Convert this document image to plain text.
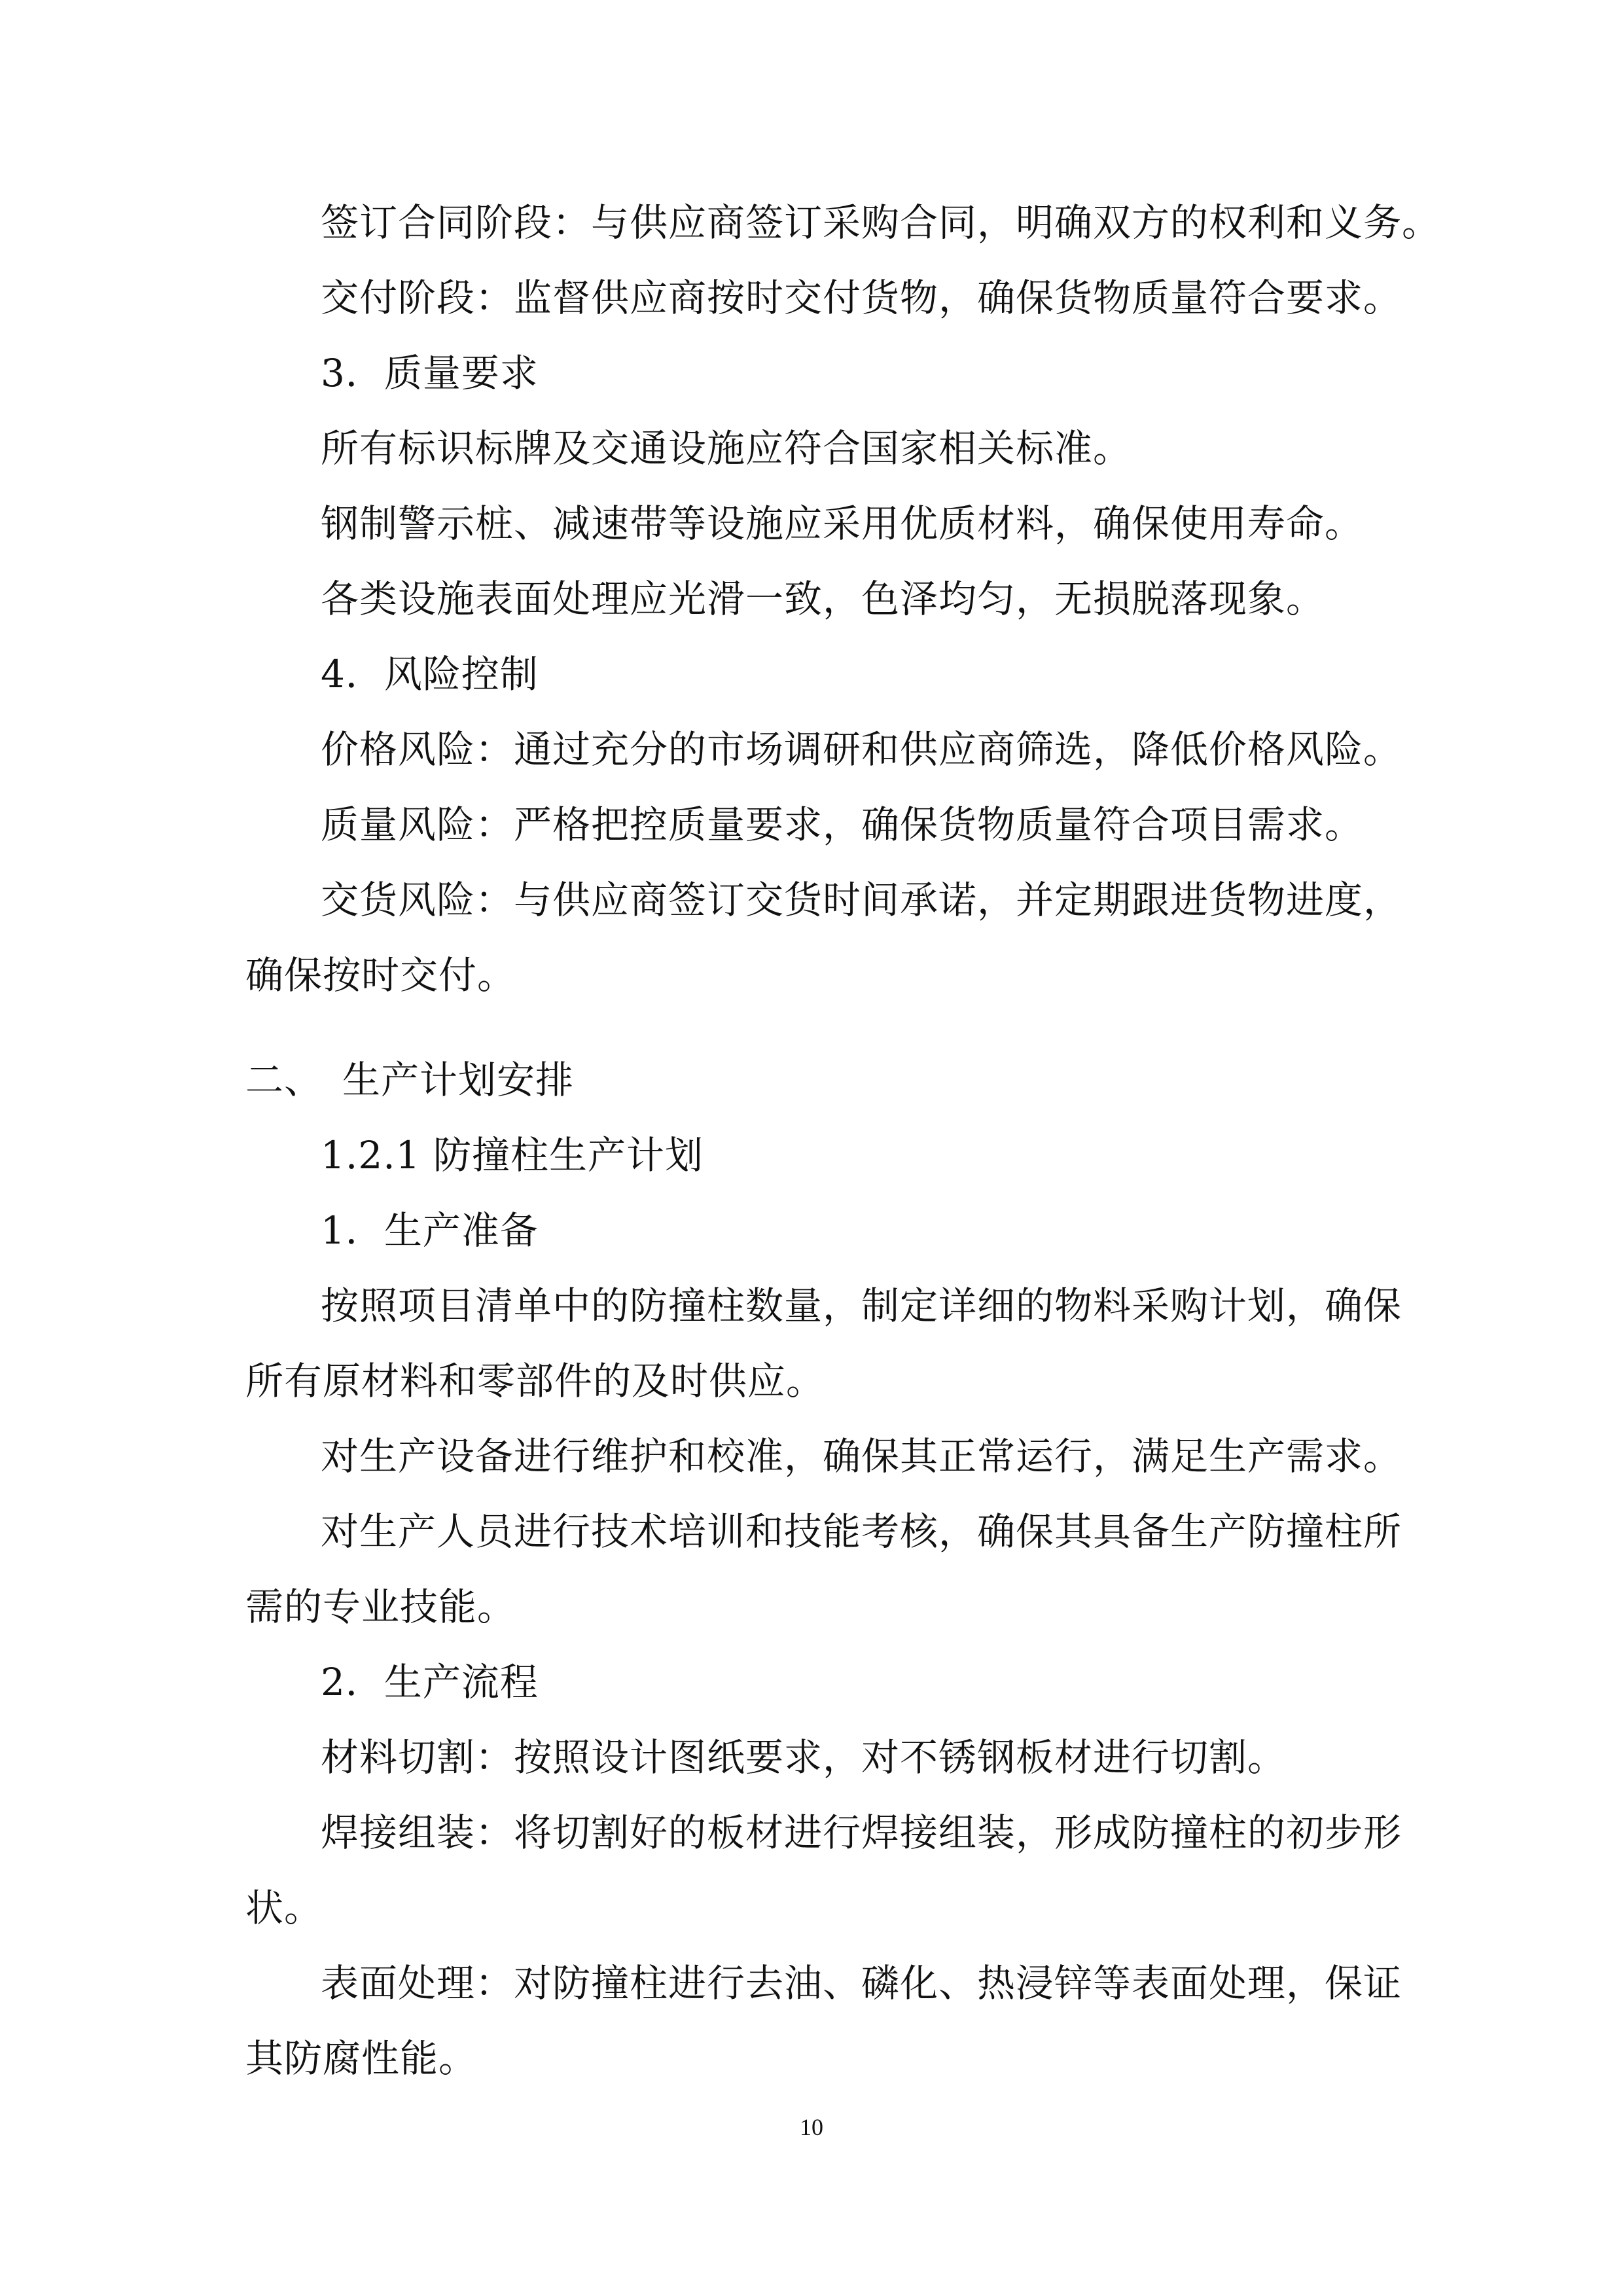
签订合同阶段：与供应商签订采购合同，明确双方的权利和义务。
交付阶段：监督供应商按时交付货物，确保货物质量符合要求。
3．质量要求
所有标识标牌及交通设施应符合国家相关标准。
钢制警示桩、减速带等设施应采用优质材料，确保使用寿命。
各类设施表面处理应光滑一致，色泽均匀，无损脱落现象。
4．风险控制
价格风险：通过充分的市场调研和供应商筛选，降低价格风险。
质量风险：严格把控质量要求，确保货物质量符合项目需求。
交货风险：与供应商签订交货时间承诺，并定期跟进货物进度，
确保按时交付。
二、　生产计划安排
1.2.1 防撞柱生产计划
1．生产准备
按照项目清单中的防撞柱数量，制定详细的物料采购计划，确保
所有原材料和零部件的及时供应。
对生产设备进行维护和校准，确保其正常运行，满足生产需求。
对生产人员进行技术培训和技能考核，确保其具备生产防撞柱所
需的专业技能。
2．生产流程
材料切割：按照设计图纸要求，对不锈钢板材进行切割。
焊接组装：将切割好的板材进行焊接组装，形成防撞柱的初步形
状。
表面处理：对防撞柱进行去油、磷化、热浸锌等表面处理，保证
其防腐性能。
10
